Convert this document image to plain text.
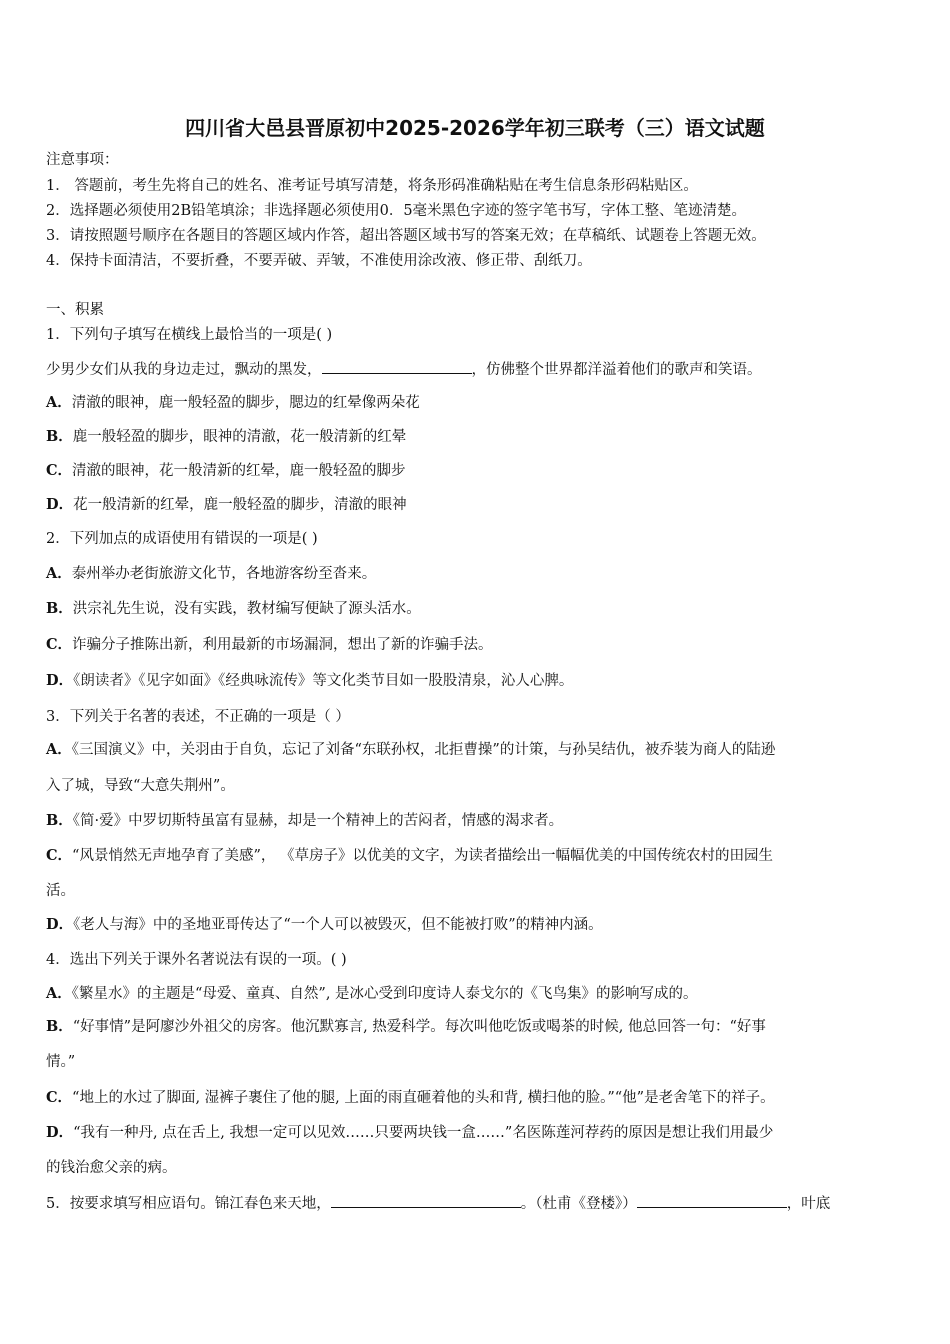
四川省大邑县晋原初中2025-2026学年初三联考（三）语文试题
注意事项：
1． 答题前，考生先将自己的姓名、准考证号填写清楚，将条形码准确粘贴在考生信息条形码粘贴区。
2．选择题必须使用2B铅笔填涂；非选择题必须使用0．5毫米黑色字迹的签字笔书写，字体工整、笔迹清楚。
3．请按照题号顺序在各题目的答题区域内作答，超出答题区域书写的答案无效；在草稿纸、试题卷上答题无效。
4．保持卡面清洁，不要折叠，不要弄破、弄皱，不准使用涂改液、修正带、刮纸刀。
一、积累
1．下列句子填写在横线上最恰当的一项是( )
少男少女们从我的身边走过，飘动的黑发，	，仿佛整个世界都洋溢着他们的歌声和笑语。
A．清澈的眼神，鹿一般轻盈的脚步，腮边的红晕像两朵花
B．鹿一般轻盈的脚步，眼神的清澈，花一般清新的红晕
C．清澈的眼神，花一般清新的红晕，鹿一般轻盈的脚步
D．花一般清新的红晕，鹿一般轻盈的脚步，清澈的眼神
2．下列加点的成语使用有错误的一项是( )
A．泰州举办老街旅游文化节，各地游客纷至沓来。
B．洪宗礼先生说，没有实践，教材编写便缺了源头活水。
C．诈骗分子推陈出新，利用最新的市场漏洞，想出了新的诈骗手法。
D．《朗读者》《见字如面》《经典咏流传》等文化类节目如一股股清泉，沁人心脾。
3．下列关于名著的表述，不正确的一项是（ ）
A．《三国演义》中，关羽由于自负，忘记了刘备“东联孙权，北拒曹操”的计策，与孙吴结仇，被乔装为商人的陆逊
入了城，导致“大意失荆州”。
B．《简·爱》中罗切斯特虽富有显赫，却是一个精神上的苦闷者，情感的渴求者。
C．“风景悄然无声地孕育了美感”， 《草房子》以优美的文字，为读者描绘出一幅幅优美的中国传统农村的田园生
活。
D．《老人与海》中的圣地亚哥传达了“一个人可以被毁灭，但不能被打败”的精神内涵。
4．选出下列关于课外名著说法有误的一项。( )
A．《繁星水》的主题是“母爱、童真、自然”, 是冰心受到印度诗人泰戈尔的《飞鸟集》的影响写成的。
B．“好事情”是阿廖沙外祖父的房客。他沉默寡言, 热爱科学。每次叫他吃饭或喝茶的时候, 他总回答一句：“好事
情。”
C．“地上的水过了脚面, 湿裤子裹住了他的腿, 上面的雨直砸着他的头和背, 横扫他的脸。”“他”是老舍笔下的祥子。
D．“我有一种丹, 点在舌上, 我想一定可以见效……只要两块钱一盒……”名医陈莲河荐药的原因是想让我们用最少
的钱治愈父亲的病。
5．按要求填写相应语句。锦江春色来天地，	。（杜甫《登楼》）	，叶底
